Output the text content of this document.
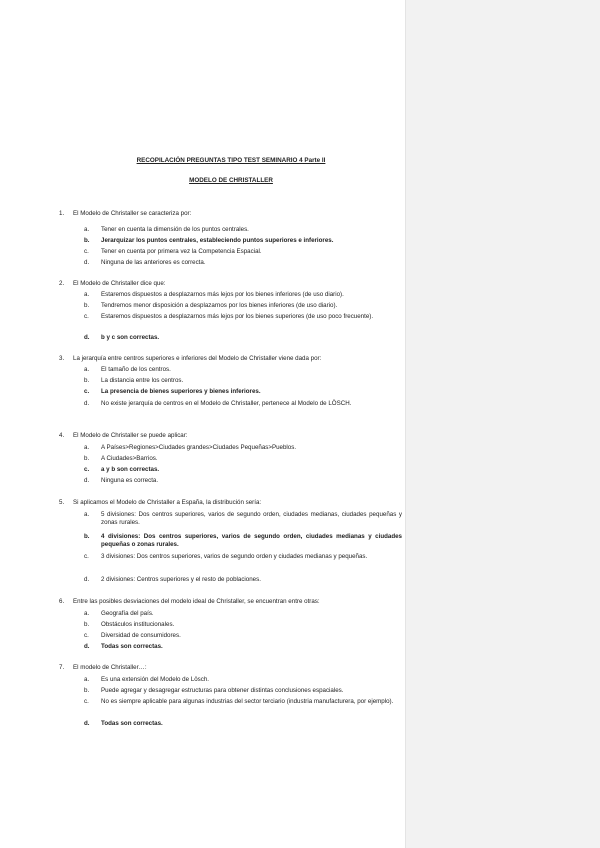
RECOPILACIÓN PREGUNTAS TIPO TEST SEMINARIO 4 Parte II
MODELO DE CHRISTALLER
1. El Modelo de Christaller se caracteriza por:
a.	Tener en cuenta la dimensión de los puntos centrales.
b.	Jerarquizar los puntos centrales, estableciendo puntos superiores e inferiores.
c.	Tener en cuenta por primera vez la Competencia Espacial.
d.	Ninguna de las anteriores es correcta.
2. El Modelo de Christaller dice que:
a.	Estaremos dispuestos a desplazarnos más lejos por los bienes inferiores (de uso diario).
b.	Tendremos menor disposición a desplazarnos por los bienes inferiores (de uso diario).
c.	Estaremos dispuestos a desplazarnos más lejos por los bienes superiores (de uso poco frecuente).
d.	b y c son correctas.
3. La jerarquía entre centros superiores e inferiores del Modelo de Christaller viene dada por:
a.	El tamaño de los centros.
b.	La distancia entre los centros.
c.	La presencia de bienes superiores y bienes inferiores.
d.	No existe jerarquía de centros en el Modelo de Christaller, pertenece al Modelo de LÖSCH.
4. El Modelo de Christaller se puede aplicar:
a.	A Países>Regiones>Ciudades grandes>Ciudades Pequeñas>Pueblos.
b.	A Ciudades>Barrios.
c.	a y b son correctas.
d.	Ninguna es correcta.
5. Si aplicamos el Modelo de Christaller a España, la distribución sería:
a.	5 divisiones: Dos centros superiores, varios de segundo orden, ciudades medianas, ciudades pequeñas y zonas rurales.
b.	4 divisiones: Dos centros superiores, varios de segundo orden, ciudades medianas y ciudades pequeñas o zonas rurales.
c.	3 divisiones: Dos centros superiores, varios de segundo orden y ciudades medianas y pequeñas.
d.	2 divisiones: Centros superiores y el resto de poblaciones.
6. Entre las posibles desviaciones del modelo ideal de Christaller, se encuentran entre otras:
a.	Geografía del país.
b.	Obstáculos institucionales.
c.	Diversidad de consumidores.
d.	Todas son correctas.
7. El modelo de Christaller…:
a.	Es una extensión del Modelo de Lösch.
b.	Puede agregar y desagregar estructuras para obtener distintas conclusiones espaciales.
c.	No es siempre aplicable para algunas industrias del sector terciario (industria manufacturera, por ejemplo).
d.	Todas son correctas.
